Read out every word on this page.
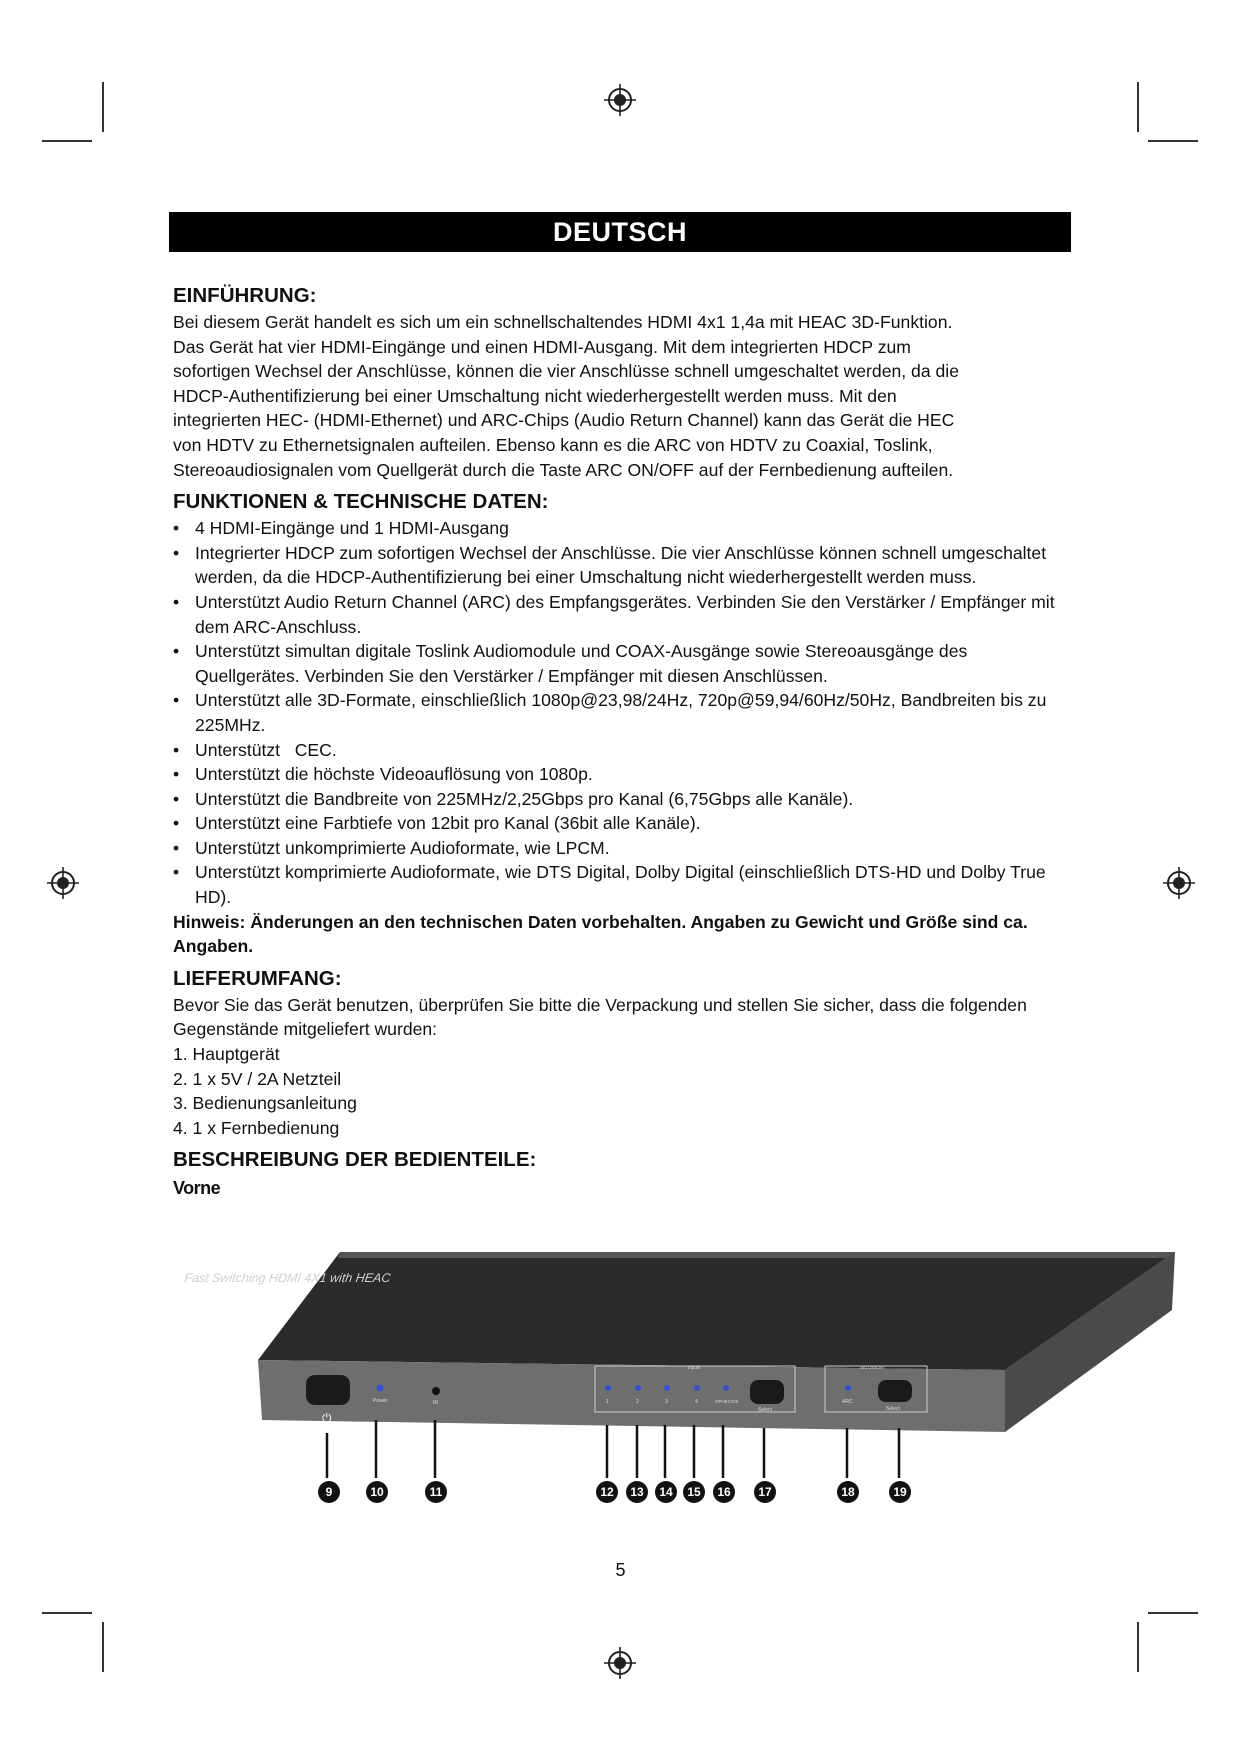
DEUTSCH
EINFÜHRUNG:

Bei diesem Gerät handelt es sich um ein schnellschaltendes HDMI 4x1 1,4a mit HEAC 3D-Funktion.

Das Gerät hat vier HDMI-Eingänge und einen HDMI-Ausgang. Mit dem integrierten HDCP zum

sofortigen Wechsel der Anschlüsse, können die vier Anschlüsse schnell umgeschaltet werden, da die

HDCP-Authentifizierung bei einer Umschaltung nicht wiederhergestellt werden muss. Mit den

integrierten HEC- (HDMI-Ethernet) und ARC-Chips (Audio Return Channel) kann das Gerät die HEC

von HDTV zu Ethernetsignalen aufteilen. Ebenso kann es die ARC von HDTV zu Coaxial, Toslink,

Stereoaudiosignalen vom Quellgerät durch die Taste ARC ON/OFF auf der Fernbedienung aufteilen.

FUNKTIONEN & TECHNISCHE DATEN:
• 4 HDMI-Eingänge und 1 HDMI-Ausgang
• Integrierter HDCP zum sofortigen Wechsel der Anschlüsse. Die vier Anschlüsse können schnell umgeschaltet werden, da die HDCP-Authentifizierung bei einer Umschaltung nicht wiederhergestellt werden muss.
• Unterstützt Audio Return Channel (ARC) des Empfangsgerätes. Verbinden Sie den Verstärker / Empfänger mit dem ARC-Anschluss.
• Unterstützt simultan digitale Toslink Audiomodule und COAX-Ausgänge sowie Stereoausgänge des Quellgerätes. Verbinden Sie den Verstärker / Empfänger mit diesen Anschlüssen.
• Unterstützt alle 3D-Formate, einschließlich 1080p@23,98/24Hz, 720p@59,94/60Hz/50Hz, Bandbreiten bis zu 225MHz.
• Unterstützt   CEC.
• Unterstützt die höchste Videoauflösung von 1080p.
• Unterstützt die Bandbreite von 225MHz/2,25Gbps pro Kanal (6,75Gbps alle Kanäle).
• Unterstützt eine Farbtiefe von 12bit pro Kanal (36bit alle Kanäle).
• Unterstützt unkomprimierte Audioformate, wie LPCM.
• Unterstützt komprimierte Audioformate, wie DTS Digital, Dolby Digital (einschließlich DTS-HD und Dolby True HD).
Hinweis: Änderungen an den technischen Daten vorbehalten. Angaben zu Gewicht und Größe sind ca. Angaben.
LIEFERUMFANG:

Bevor Sie das Gerät benutzen, überprüfen Sie bitte die Verpackung und stellen Sie sicher, dass die folgenden Gegenstände mitgeliefert wurden:

1. Hauptgerät
2. 1 x 5V / 2A Netzteil
3. Bedienungsanleitung
4. 1 x Fernbedienung
BESCHREIBUNG DER BEDIENTEILE:
Vorne
Fast Switching HDMI 4X1 with HEAC
⏻
Power	IR
Inputs
1	2	3	4	OPHEC/OK
Select
Arc ON/OFF
ARC
Select
9	10	11	12 13 14 15 16 17	18	19
5
